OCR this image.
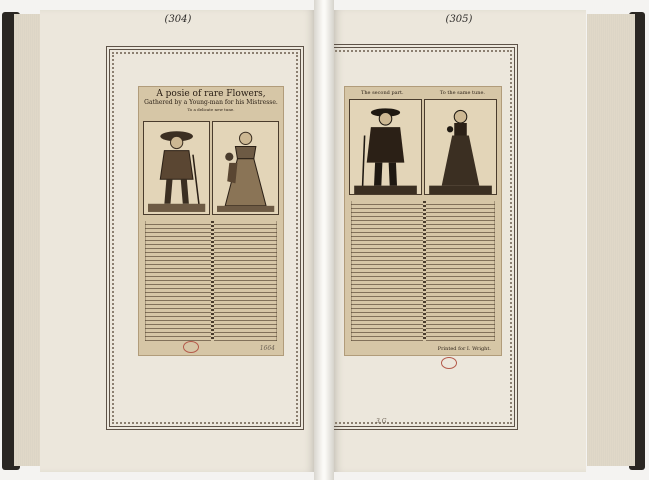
(304)
A posie of rare Flowers,
Gathered by a Young-man for his Mistresse.
To a delicate new tune.
1664
(305)
The second part.	To the same tune.
Printed for I. Wright.
3 G
